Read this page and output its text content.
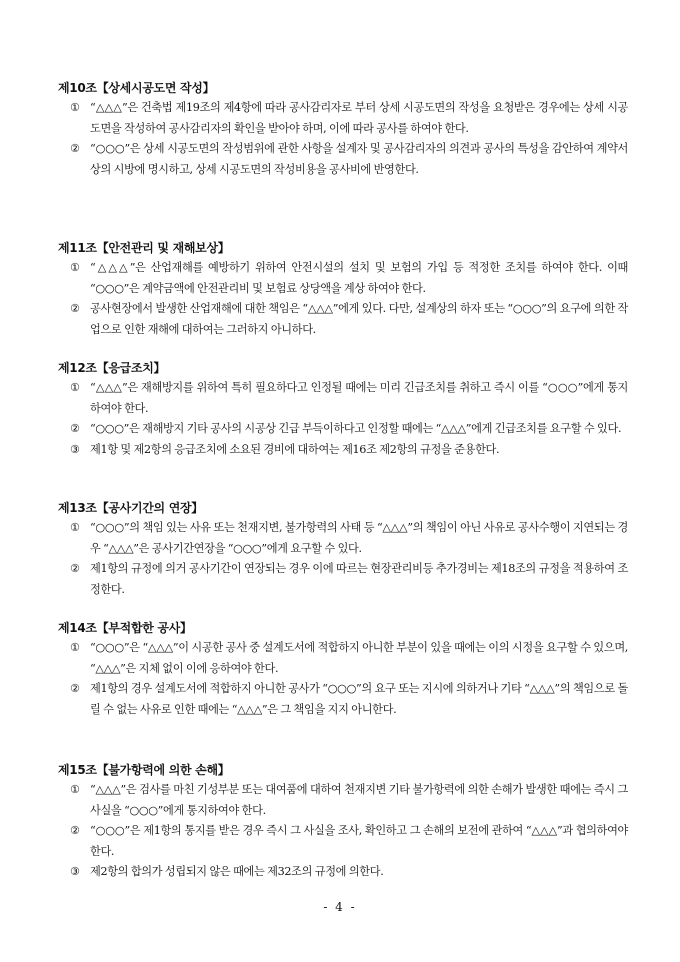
제10조【상세시공도면 작성】
① “△△△”은 건축법 제19조의 제4항에 따라 공사감리자로 부터 상세 시공도면의 작성을 요청받은 경우에는 상세 시공도면을 작성하여 공사감리자의 확인을 받아야 하며, 이에 따라 공사를 하여야 한다.
② “○○○”은 상세 시공도면의 작성범위에 관한 사항을 설계자 및 공사감리자의 의견과 공사의 특성을 감안하여 계약서상의 시방에 명시하고, 상세 시공도면의 작성비용을 공사비에 반영한다.
제11조【안전관리 및 재해보상】
① “△△△”은 산업재해를 예방하기 위하여 안전시설의 설치 및 보험의 가입 등 적정한 조치를 하여야 한다. 이때 “○○○”은 계약금액에 안전관리비 및 보험료 상당액을 계상 하여야 한다.
② 공사현장에서 발생한 산업재해에 대한 책임은 “△△△”에게 있다. 다만, 설계상의 하자 또는 “○○○”의 요구에 의한 작업으로 인한 재해에 대하여는 그러하지 아니하다.
제12조【응급조치】
① “△△△”은 재해방지를 위하여 특히 필요하다고 인정될 때에는 미리 긴급조치를 취하고 즉시 이를 “○○○”에게 통지하여야 한다.
② “○○○”은 재해방지 기타 공사의 시공상 긴급 부득이하다고 인정할 때에는 “△△△”에게 긴급조치를 요구할 수 있다.
③ 제1항 및 제2항의 응급조치에 소요된 경비에 대하여는 제16조 제2항의 규정을 준용한다.
제13조【공사기간의 연장】
① “○○○”의 책임 있는 사유 또는 천재지변, 불가항력의 사태 등 “△△△”의 책임이 아닌 사유로 공사수행이 지연되는 경우 “△△△”은 공사기간연장을 “○○○”에게 요구할 수 있다.
② 제1항의 규정에 의거 공사기간이 연장되는 경우 이에 따르는 현장관리비등 추가경비는 제18조의 규정을 적용하여 조정한다.
제14조【부적합한 공사】
① “○○○”은 “△△△”이 시공한 공사 중 설계도서에 적합하지 아니한 부분이 있을 때에는 이의 시정을 요구할 수 있으며, “△△△”은 지체 없이 이에 응하여야 한다.
② 제1항의 경우 설계도서에 적합하지 아니한 공사가 “○○○”의 요구 또는 지시에 의하거나 기타 “△△△”의 책임으로 돌릴 수 없는 사유로 인한 때에는 “△△△”은 그 책임을 지지 아니한다.
제15조【불가항력에 의한 손해】
① “△△△”은 검사를 마친 기성부분 또는 대여품에 대하여 천재지변 기타 불가항력에 의한 손해가 발생한 때에는 즉시 그 사실을 “○○○”에게 통지하여야 한다.
② “○○○”은 제1항의 통지를 받은 경우 즉시 그 사실을 조사, 확인하고 그 손해의 보전에 관하여 “△△△”과 협의하여야 한다.
③ 제2항의 합의가 성립되지 않은 때에는 제32조의 규정에 의한다.
- 4 -
